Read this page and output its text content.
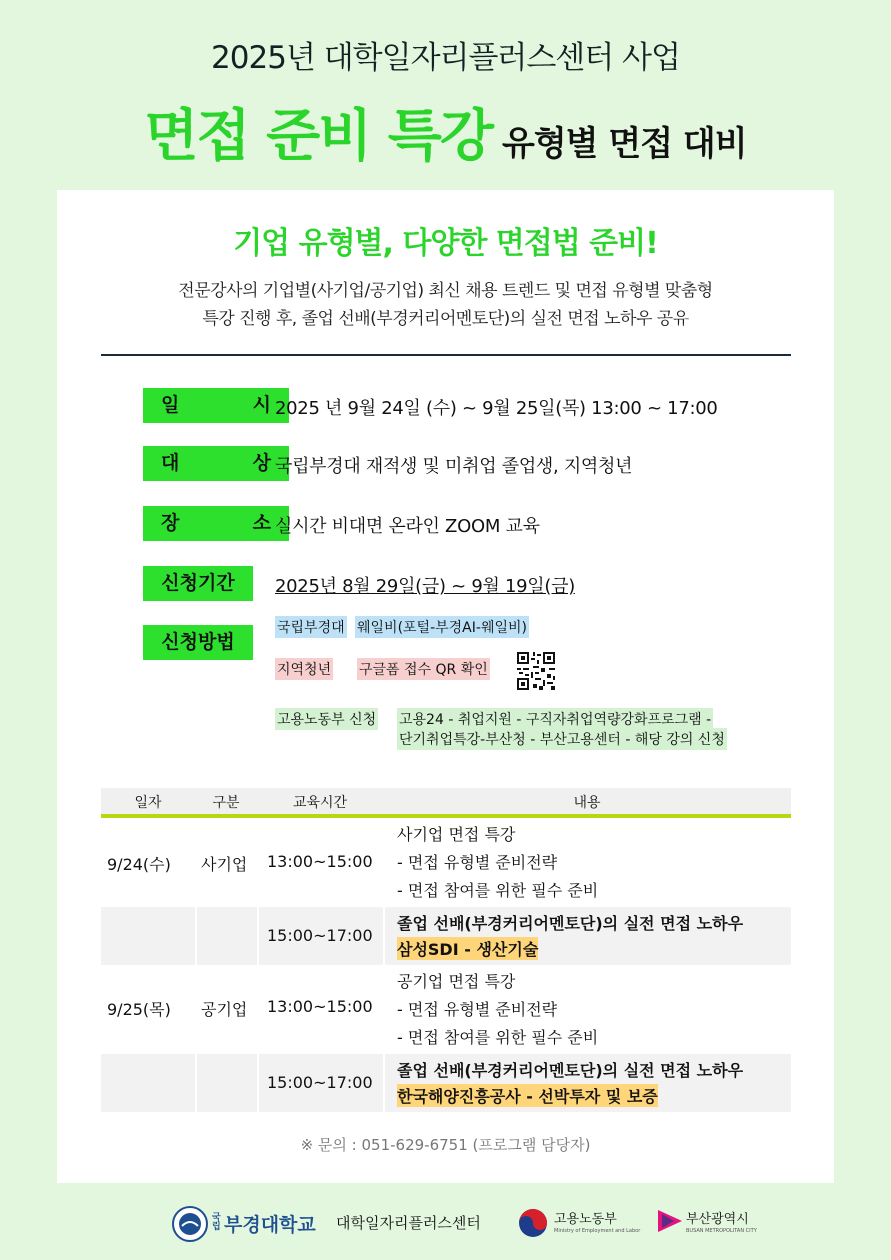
2025년 대학일자리플러스센터 사업
면접 준비 특강 유형별 면접 대비
기업 유형별, 다양한 면접법 준비!
전문강사의 기업별(사기업/공기업) 최신 채용 트렌드 및 면접 유형별 맞춤형
특강 진행 후, 졸업 선배(부경커리어멘토단)의 실전 면접 노하우 공유
일	시 2025 년 9월 24일 (수) ~ 9월 25일(목) 13:00 ~ 17:00
대	상 국립부경대 재적생 및 미취업 졸업생, 지역청년
장	소 실시간 비대면 온라인 ZOOM 교육
신청기간	2025년 8월 29일(금) ~ 9월 19일(금)
신청방법
국립부경대 웨일비(포털-부경AI-웨일비)
지역청년 구글폼 접수 QR 확인
고용노동부 신청 고용24 - 취업지원 - 구직자취업역량강화프로그램 -
단기취업특강-부산청 - 부산고용센터 - 해당 강의 신청
일자	구분	교육시간	내용
9/24(수) 사기업 13:00~15:00
사기업 면접 특강
- 면접 유형별 준비전략
- 면접 참여를 위한 필수 준비
15:00~17:00
졸업 선배(부경커리어멘토단)의 실전 면접 노하우
삼성SDI - 생산기술
9/25(목) 공기업 13:00~15:00
공기업 면접 특강
- 면접 유형별 준비전략
- 면접 참여를 위한 필수 준비
15:00~17:00
졸업 선배(부경커리어멘토단)의 실전 면접 노하우
한국해양진흥공사 - 선박투자 및 보증
※ 문의 : 051-629-6751 (프로그램 담당자)
국립 부경대학교 대학일자리플러스센터	고용노동부
Ministry of Employment and Labor
부산광역시
BUSAN METROPOLITAN CITY
